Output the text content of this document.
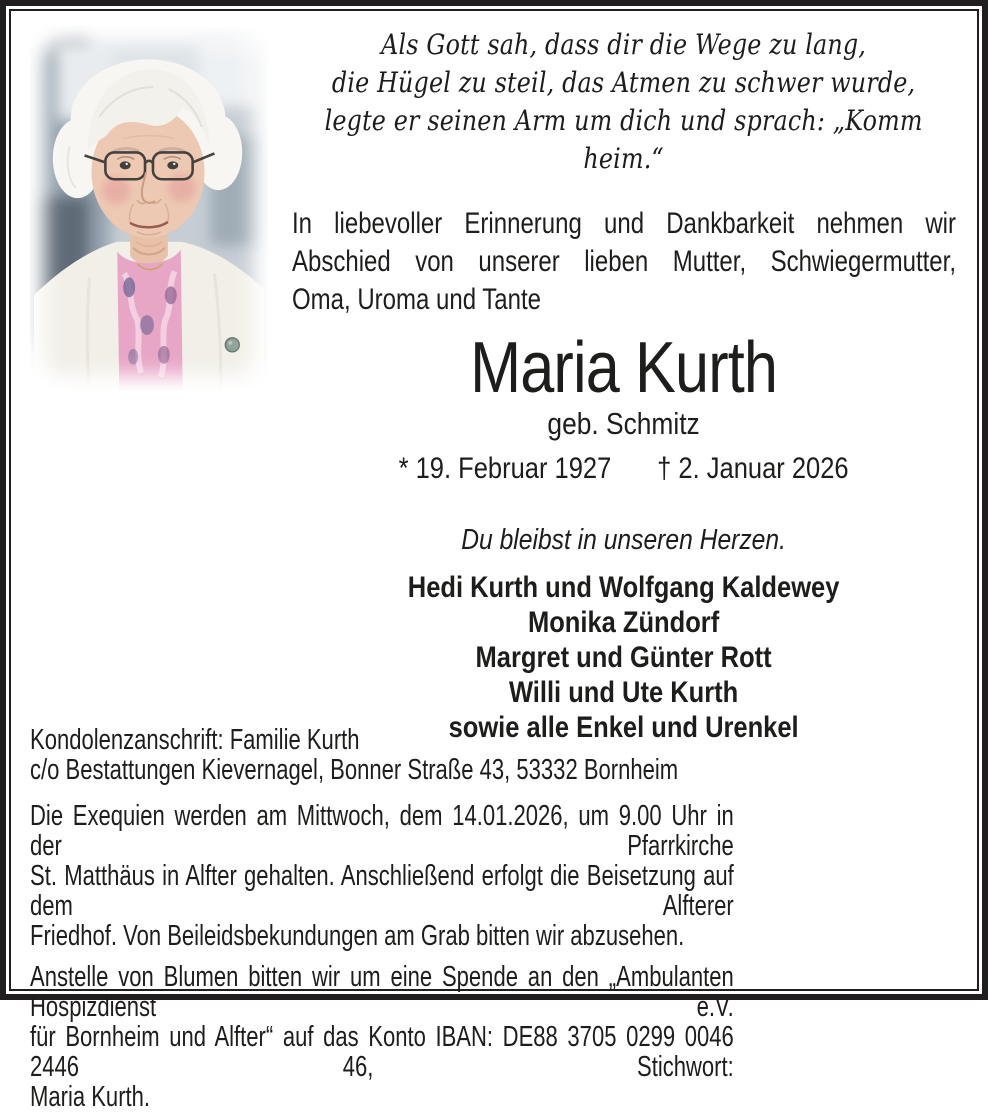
Als Gott sah, dass dir die Wege zu lang,
die Hügel zu steil, das Atmen zu schwer wurde,
legte er seinen Arm um dich und sprach: „Komm heim.“
In liebevoller Erinnerung und Dankbarkeit nehmen wir
Abschied von unserer lieben Mutter, Schwiegermutter,
Oma, Uroma und Tante
Maria Kurth
geb. Schmitz
* 19. Februar 1927 † 2. Januar 2026
Du bleibst in unseren Herzen.
Hedi Kurth und Wolfgang Kaldewey
Monika Zündorf
Margret und Günter Rott
Willi und Ute Kurth
sowie alle Enkel und Urenkel
Kondolenzanschrift: Familie Kurth
c/o Bestattungen Kievernagel, Bonner Straße 43, 53332 Bornheim
Die Exequien werden am Mittwoch, dem 14.01.2026, um 9.00 Uhr in der Pfarrkirche
St. Matthäus in Alfter gehalten. Anschließend erfolgt die Beisetzung auf dem Alfterer
Friedhof. Von Beileidsbekundungen am Grab bitten wir abzusehen.
Anstelle von Blumen bitten wir um eine Spende an den „Ambulanten Hospizdienst e.V.
für Bornheim und Alfter“ auf das Konto IBAN: DE88 3705 0299 0046 2446 46, Stichwort:
Maria Kurth.
